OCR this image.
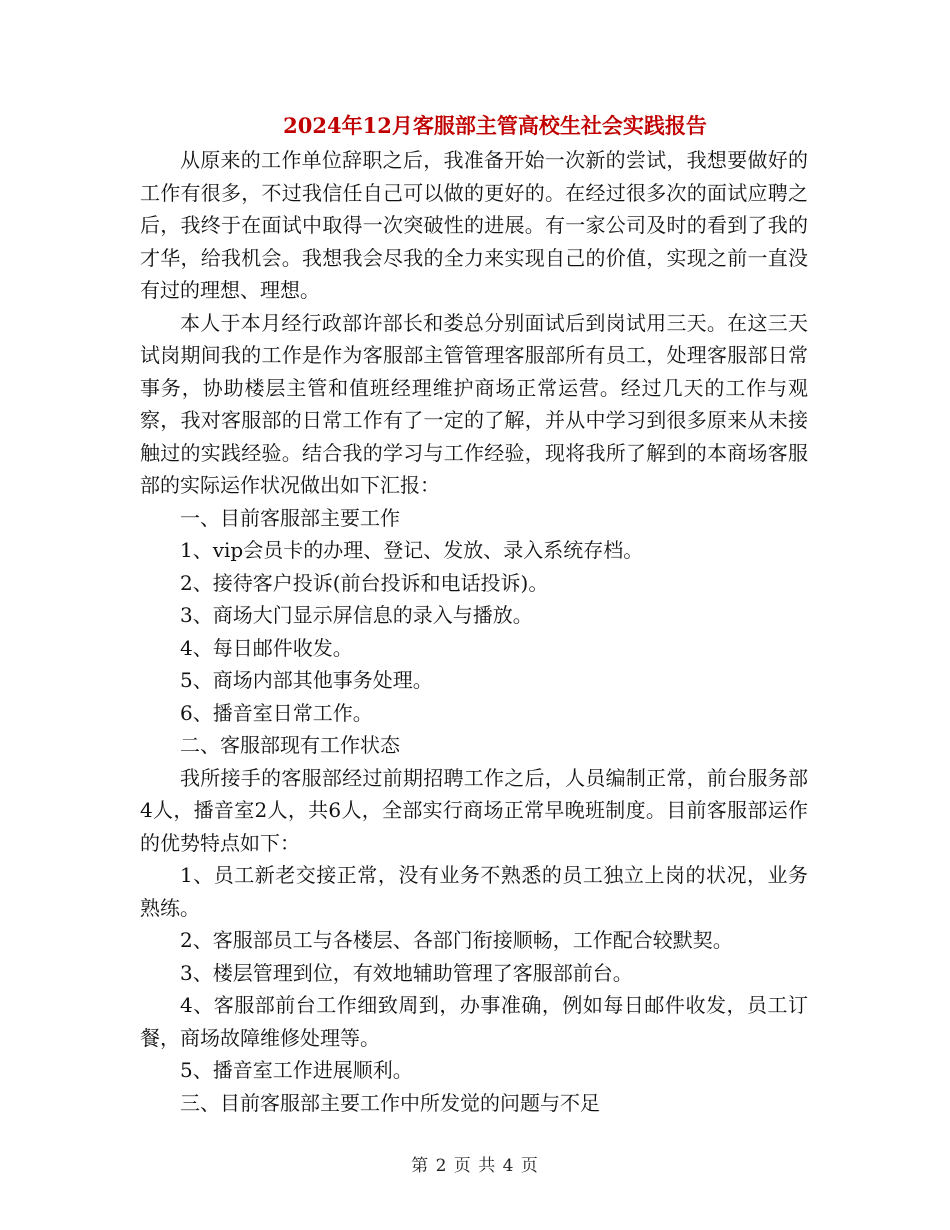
2024年12月客服部主管高校生社会实践报告

从原来的工作单位辞职之后，我准备开始一次新的尝试，我想要做好的工作有很多，不过我信任自己可以做的更好的。在经过很多次的面试应聘之后，我终于在面试中取得一次突破性的进展。有一家公司及时的看到了我的才华，给我机会。我想我会尽我的全力来实现自己的价值，实现之前一直没有过的理想、理想。

本人于本月经行政部许部长和娄总分别面试后到岗试用三天。在这三天试岗期间我的工作是作为客服部主管管理客服部所有员工，处理客服部日常事务，协助楼层主管和值班经理维护商场正常运营。经过几天的工作与观察，我对客服部的日常工作有了一定的了解，并从中学习到很多原来从未接触过的实践经验。结合我的学习与工作经验，现将我所了解到的本商场客服部的实际运作状况做出如下汇报：

一、目前客服部主要工作

1、vip会员卡的办理、登记、发放、录入系统存档。

2、接待客户投诉(前台投诉和电话投诉)。

3、商场大门显示屏信息的录入与播放。

4、每日邮件收发。

5、商场内部其他事务处理。

6、播音室日常工作。

二、客服部现有工作状态

我所接手的客服部经过前期招聘工作之后，人员编制正常，前台服务部4人，播音室2人，共6人，全部实行商场正常早晚班制度。目前客服部运作的优势特点如下：

1、员工新老交接正常，没有业务不熟悉的员工独立上岗的状况，业务熟练。

2、客服部员工与各楼层、各部门衔接顺畅，工作配合较默契。

3、楼层管理到位，有效地辅助管理了客服部前台。

4、客服部前台工作细致周到，办事准确，例如每日邮件收发，员工订餐，商场故障维修处理等。

5、播音室工作进展顺利。

三、目前客服部主要工作中所发觉的问题与不足

第 2 页 共 4 页
